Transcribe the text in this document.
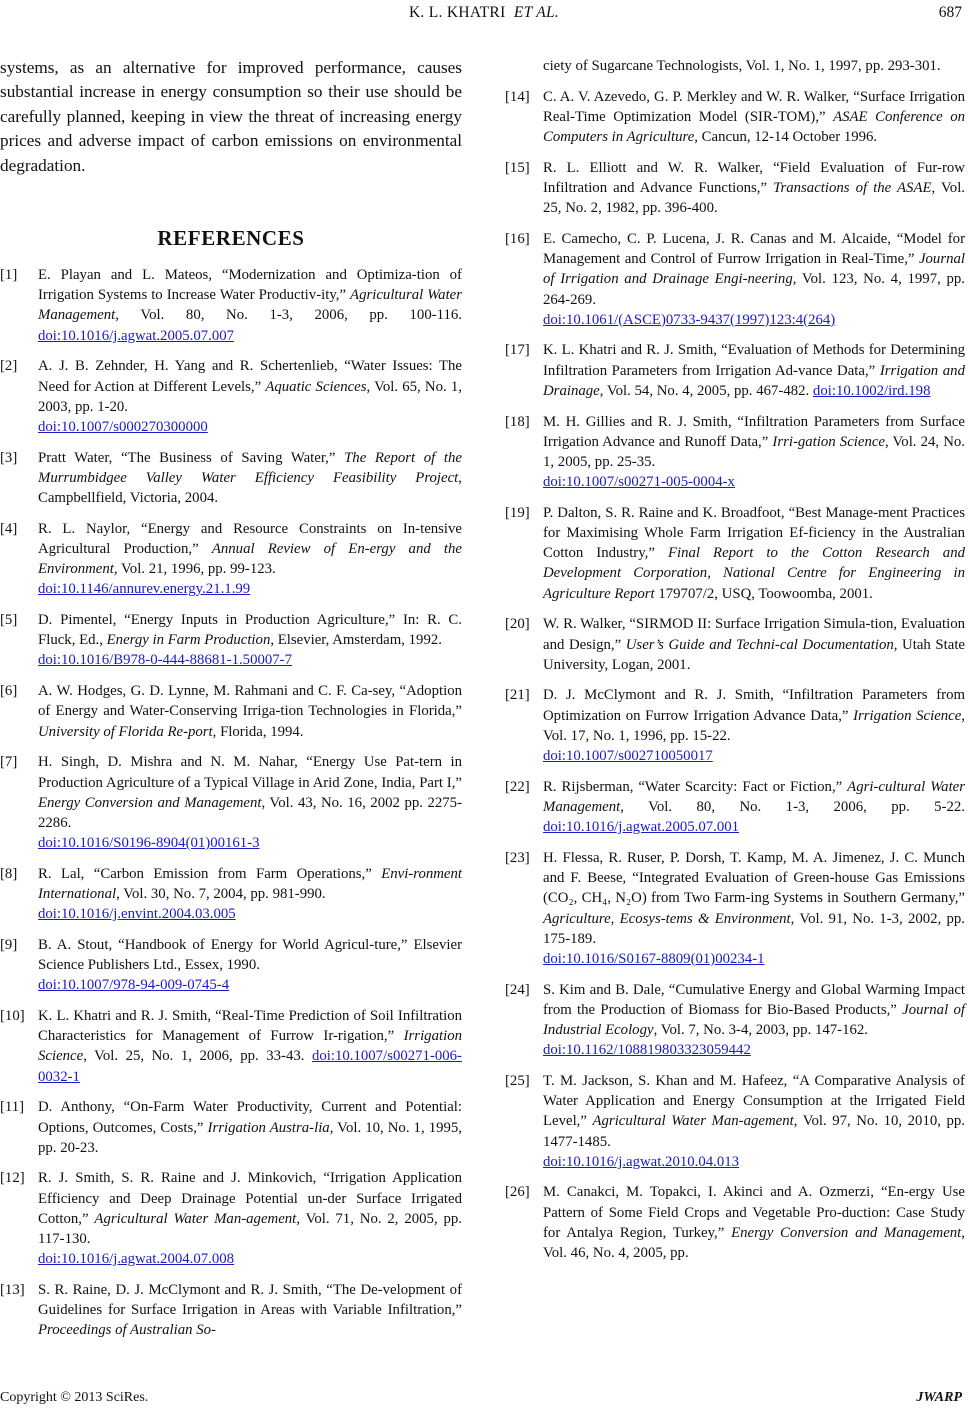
K. L. KHATRI ET AL.	687

systems, as an alternative for improved performance, causes substantial increase in energy consumption so their use should be carefully planned, keeping in view the threat of increasing energy prices and adverse impact of carbon emissions on environmental degradation.

REFERENCES
[1]	E. Playan and L. Mateos, “Modernization and Optimiza-tion of Irrigation Systems to Increase Water Productiv-ity,” Agricultural Water Management, Vol. 80, No. 1-3, 2006, pp. 100-116. doi:10.1016/j.agwat.2005.07.007
[2]	A. J. B. Zehnder, H. Yang and R. Schertenlieb, “Water Issues: The Need for Action at Different Levels,” Aquatic Sciences, Vol. 65, No. 1, 2003, pp. 1-20.
doi:10.1007/s000270300000
[3]	Pratt Water, “The Business of Saving Water,” The Report of the Murrumbidgee Valley Water Efficiency Feasibility Project, Campbellfield, Victoria, 2004.
[4]	R. L. Naylor, “Energy and Resource Constraints on In-tensive Agricultural Production,” Annual Review of En-ergy and the Environment, Vol. 21, 1996, pp. 99-123.
doi:10.1146/annurev.energy.21.1.99
[5]	D. Pimentel, “Energy Inputs in Production Agriculture,” In: R. C. Fluck, Ed., Energy in Farm Production, Elsevier, Amsterdam, 1992.
doi:10.1016/B978-0-444-88681-1.50007-7
[6]	A. W. Hodges, G. D. Lynne, M. Rahmani and C. F. Ca-sey, “Adoption of Energy and Water-Conserving Irriga-tion Technologies in Florida,” University of Florida Re-port, Florida, 1994.
[7]	H. Singh, D. Mishra and N. M. Nahar, “Energy Use Pat-tern in Production Agriculture of a Typical Village in Arid Zone, India, Part I,” Energy Conversion and Management, Vol. 43, No. 16, 2002 pp. 2275-2286.
doi:10.1016/S0196-8904(01)00161-3
[8]	R. Lal, “Carbon Emission from Farm Operations,” Envi-ronment International, Vol. 30, No. 7, 2004, pp. 981-990.
doi:10.1016/j.envint.2004.03.005
[9]	B. A. Stout, “Handbook of Energy for World Agricul-ture,” Elsevier Science Publishers Ltd., Essex, 1990.
doi:10.1007/978-94-009-0745-4
[10] K. L. Khatri and R. J. Smith, “Real-Time Prediction of Soil Infiltration Characteristics for Management of Furrow Ir-rigation,” Irrigation Science, Vol. 25, No. 1, 2006, pp. 33-43. doi:10.1007/s00271-006-0032-1
[11] D. Anthony, “On-Farm Water Productivity, Current and Potential: Options, Outcomes, Costs,” Irrigation Austra-lia, Vol. 10, No. 1, 1995, pp. 20-23.
[12] R. J. Smith, S. R. Raine and J. Minkovich, “Irrigation Application Efficiency and Deep Drainage Potential un-der Surface Irrigated Cotton,” Agricultural Water Man-agement, Vol. 71, No. 2, 2005, pp. 117-130.
doi:10.1016/j.agwat.2004.07.008
[13] S. R. Raine, D. J. McClymont and R. J. Smith, “The De-velopment of Guidelines for Surface Irrigation in Areas with Variable Infiltration,” Proceedings of Australian So-
ciety of Sugarcane Technologists, Vol. 1, No. 1, 1997, pp. 293-301.
[14] C. A. V. Azevedo, G. P. Merkley and W. R. Walker, “Surface Irrigation Real-Time Optimization Model (SIR-TOM),” ASAE Conference on Computers in Agriculture, Cancun, 12-14 October 1996.
[15] R. L. Elliott and W. R. Walker, “Field Evaluation of Fur-row Infiltration and Advance Functions,” Transactions of the ASAE, Vol. 25, No. 2, 1982, pp. 396-400.
[16] E. Camecho, C. P. Lucena, J. R. Canas and M. Alcaide, “Model for Management and Control of Furrow Irrigation in Real-Time,” Journal of Irrigation and Drainage Engi-neering, Vol. 123, No. 4, 1997, pp. 264-269.
doi:10.1061/(ASCE)0733-9437(1997)123:4(264)
[17] K. L. Khatri and R. J. Smith, “Evaluation of Methods for Determining Infiltration Parameters from Irrigation Ad-vance Data,” Irrigation and Drainage, Vol. 54, No. 4, 2005, pp. 467-482. doi:10.1002/ird.198
[18] M. H. Gillies and R. J. Smith, “Infiltration Parameters from Surface Irrigation Advance and Runoff Data,” Irri-gation Science, Vol. 24, No. 1, 2005, pp. 25-35.
doi:10.1007/s00271-005-0004-x
[19] P. Dalton, S. R. Raine and K. Broadfoot, “Best Manage-ment Practices for Maximising Whole Farm Irrigation Ef-ficiency in the Australian Cotton Industry,” Final Report to the Cotton Research and Development Corporation, National Centre for Engineering in Agriculture Report 179707/2, USQ, Toowoomba, 2001.
[20] W. R. Walker, “SIRMOD II: Surface Irrigation Simula-tion, Evaluation and Design,” User’s Guide and Techni-cal Documentation, Utah State University, Logan, 2001.
[21] D. J. McClymont and R. J. Smith, “Infiltration Parameters from Optimization on Furrow Irrigation Advance Data,” Irrigation Science, Vol. 17, No. 1, 1996, pp. 15-22.
doi:10.1007/s002710050017
[22] R. Rijsberman, “Water Scarcity: Fact or Fiction,” Agri-cultural Water Management, Vol. 80, No. 1-3, 2006, pp. 5-22. doi:10.1016/j.agwat.2005.07.001
[23] H. Flessa, R. Ruser, P. Dorsh, T. Kamp, M. A. Jimenez, J. C. Munch and F. Beese, “Integrated Evaluation of Green-house Gas Emissions (CO₂, CH₄, N₂O) from Two Farm-ing Systems in Southern Germany,” Agriculture, Ecosys-tems & Environment, Vol. 91, No. 1-3, 2002, pp. 175-189.
doi:10.1016/S0167-8809(01)00234-1
[24] S. Kim and B. Dale, “Cumulative Energy and Global Warming Impact from the Production of Biomass for Bio-Based Products,” Journal of Industrial Ecology, Vol. 7, No. 3-4, 2003, pp. 147-162.
doi:10.1162/108819803323059442
[25] T. M. Jackson, S. Khan and M. Hafeez, “A Comparative Analysis of Water Application and Energy Consumption at the Irrigated Field Level,” Agricultural Water Man-agement, Vol. 97, No. 10, 2010, pp. 1477-1485.
doi:10.1016/j.agwat.2010.04.013
[26] M. Canakci, M. Topakci, I. Akinci and A. Ozmerzi, “En-ergy Use Pattern of Some Field Crops and Vegetable Pro-duction: Case Study for Antalya Region, Turkey,” Energy Conversion and Management, Vol. 46, No. 4, 2005, pp.
Copyright © 2013 SciRes.	JWARP
